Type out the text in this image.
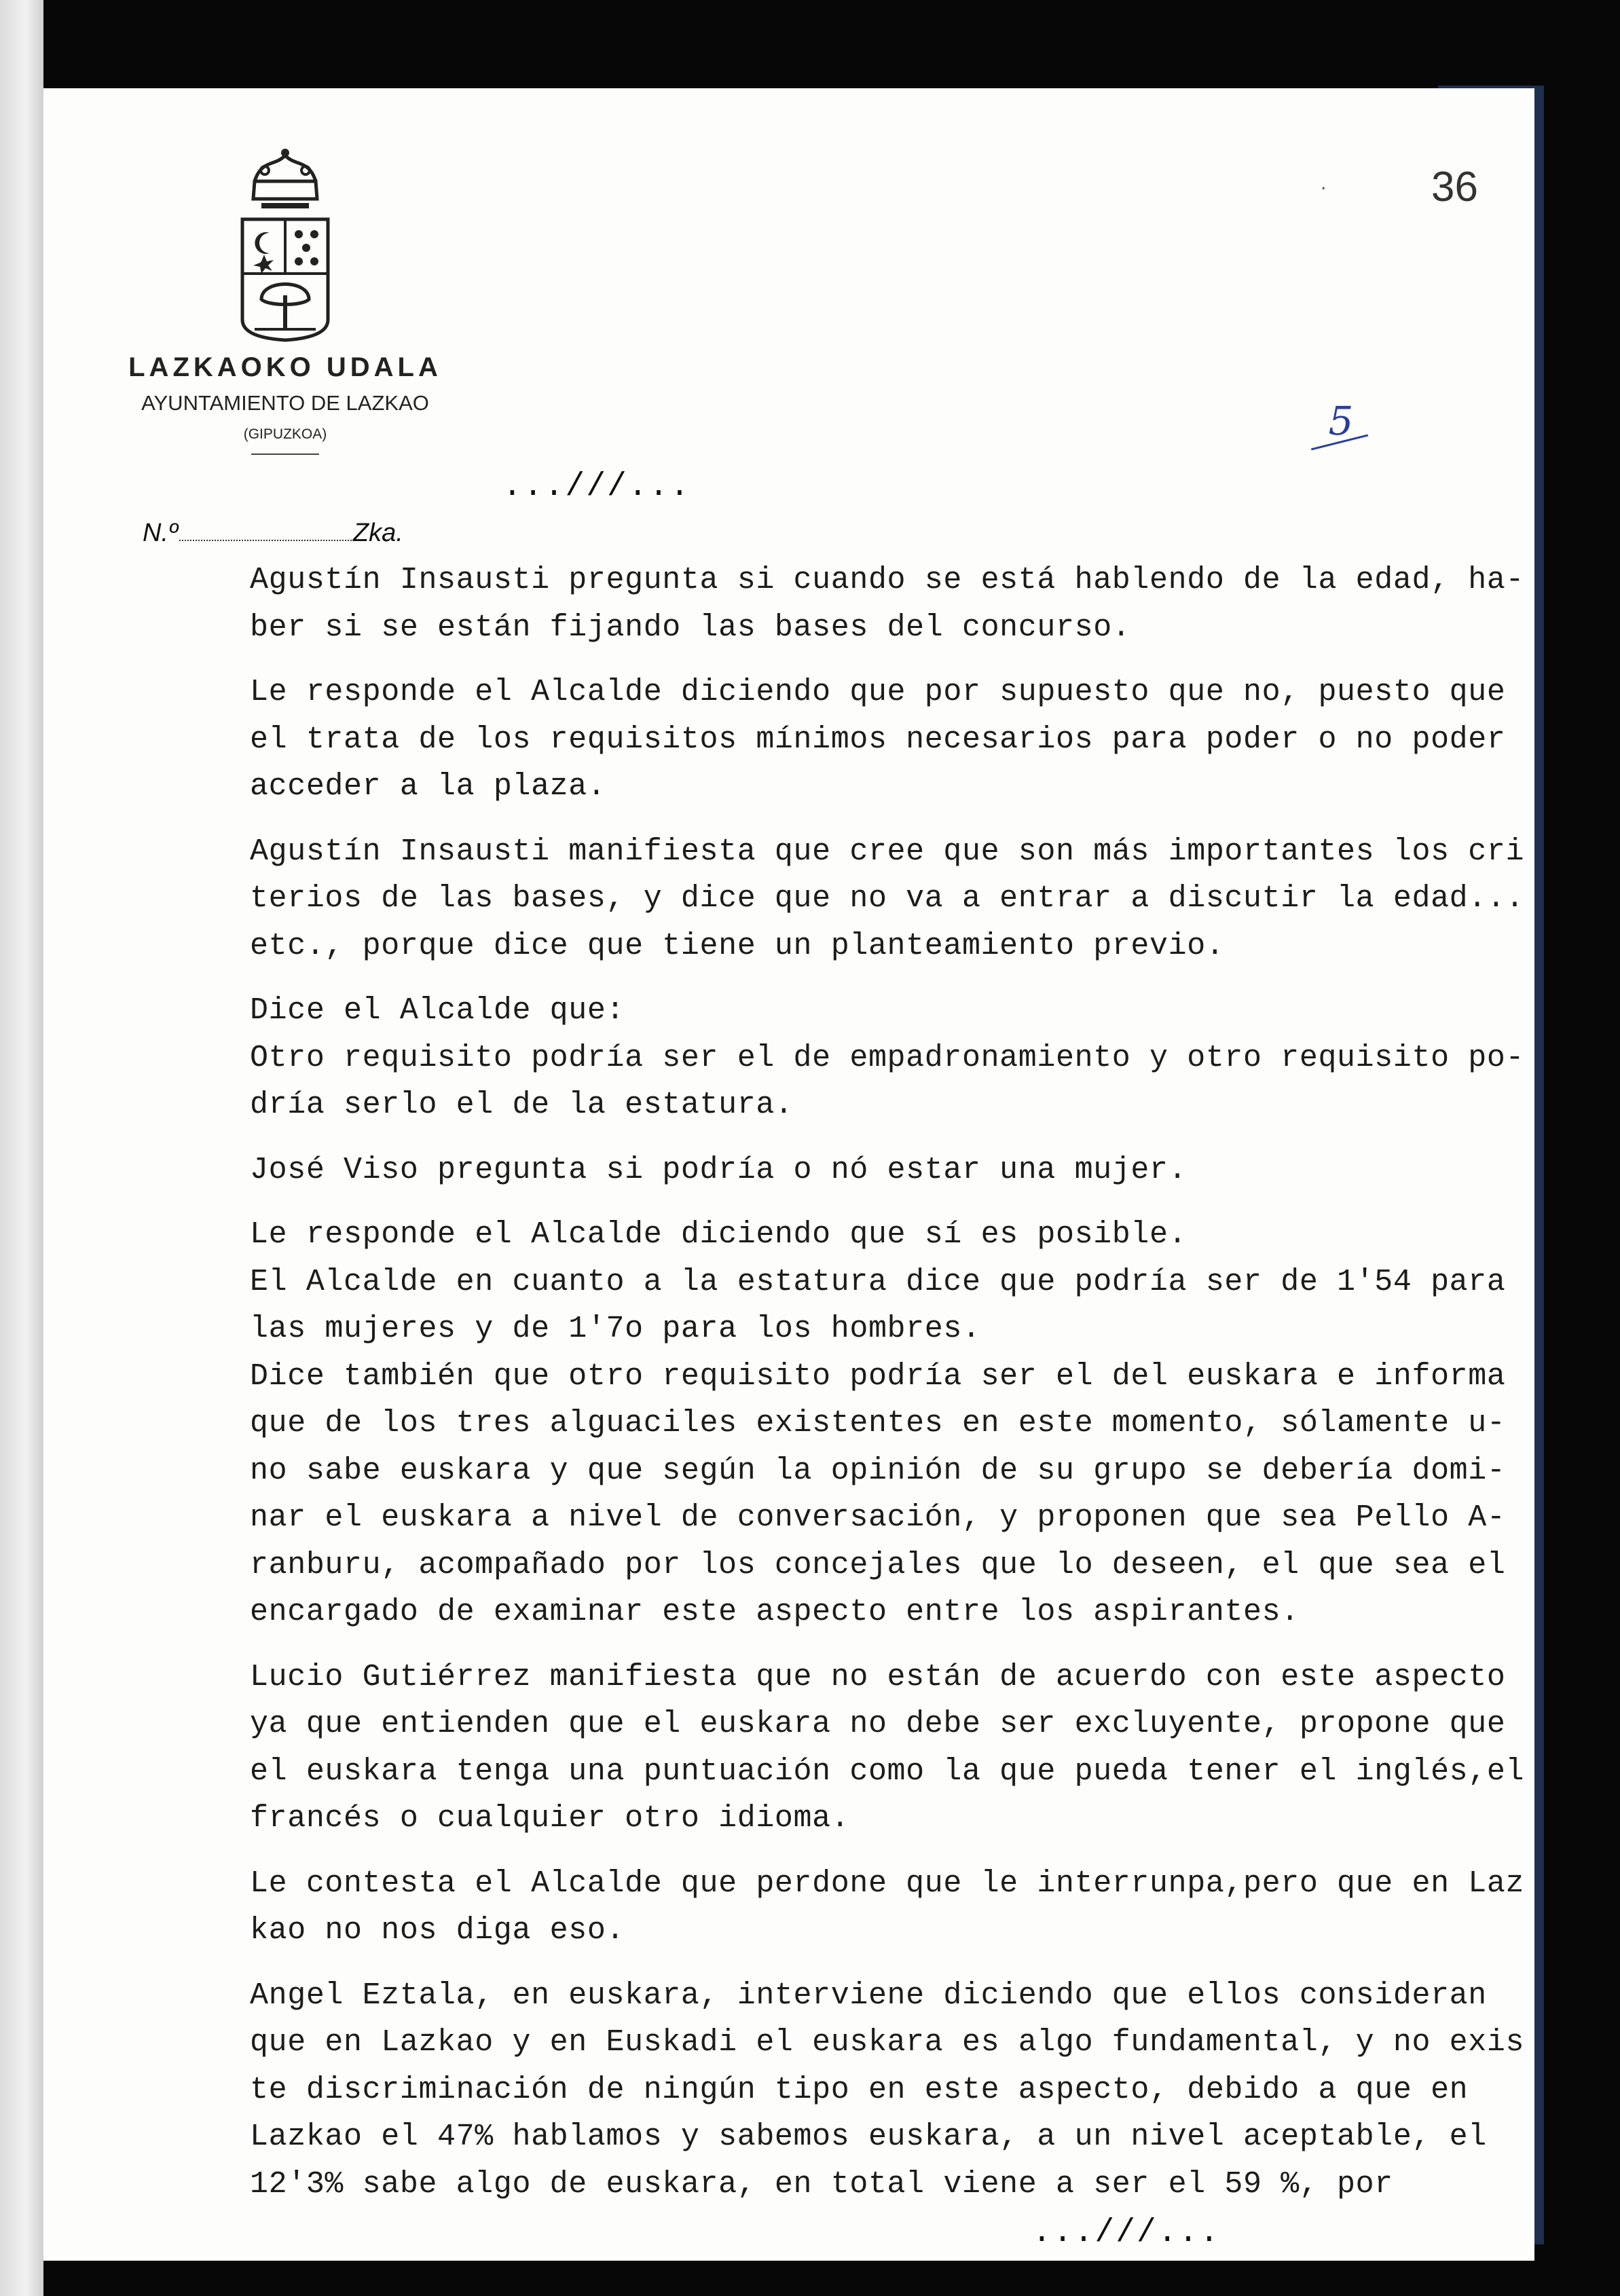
LAZKAOKO UDALA
AYUNTAMIENTO DE LAZKAO
(GIPUZKOA)
36
·
5
...///...
N.º	Zka.
Agustín Insausti pregunta si cuando se está hablendo de la edad, ha-
ber si se están fijando las bases del concurso.
Le responde el Alcalde diciendo que por supuesto que no, puesto que
el trata de los requisitos mínimos necesarios para poder o no poder
acceder a la plaza.
Agustín Insausti manifiesta que cree que son más importantes los cri
terios de las bases, y dice que no va a entrar a discutir la edad...
etc., porque dice que tiene un planteamiento previo.
Dice el Alcalde que:
Otro requisito podría ser el de empadronamiento y otro requisito po-
dría serlo el de la estatura.
José Viso pregunta si podría o nó estar una mujer.
Le responde el Alcalde diciendo que sí es posible.
El Alcalde en cuanto a la estatura dice que podría ser de 1'54 para
las mujeres y de 1'7o para los hombres.
Dice también que otro requisito podría ser el del euskara e informa
que de los tres alguaciles existentes en este momento, sólamente u-
no sabe euskara y que según la opinión de su grupo se debería domi-
nar el euskara a nivel de conversación, y proponen que sea Pello A-
ranburu, acompañado por los concejales que lo deseen, el que sea el
encargado de examinar este aspecto entre los aspirantes.
Lucio Gutiérrez manifiesta que no están de acuerdo con este aspecto
ya que entienden que el euskara no debe ser excluyente, propone que
el euskara tenga una puntuación como la que pueda tener el inglés,el
francés o cualquier otro idioma.
Le contesta el Alcalde que perdone que le interrunpa,pero que en Laz
kao no nos diga eso.
Angel Eztala, en euskara, interviene diciendo que ellos consideran
que en Lazkao y en Euskadi el euskara es algo fundamental, y no exis
te discriminación de ningún tipo en este aspecto, debido a que en
Lazkao el 47% hablamos y sabemos euskara, a un nivel aceptable, el
12'3% sabe algo de euskara, en total viene a ser el 59 %, por
...///...
